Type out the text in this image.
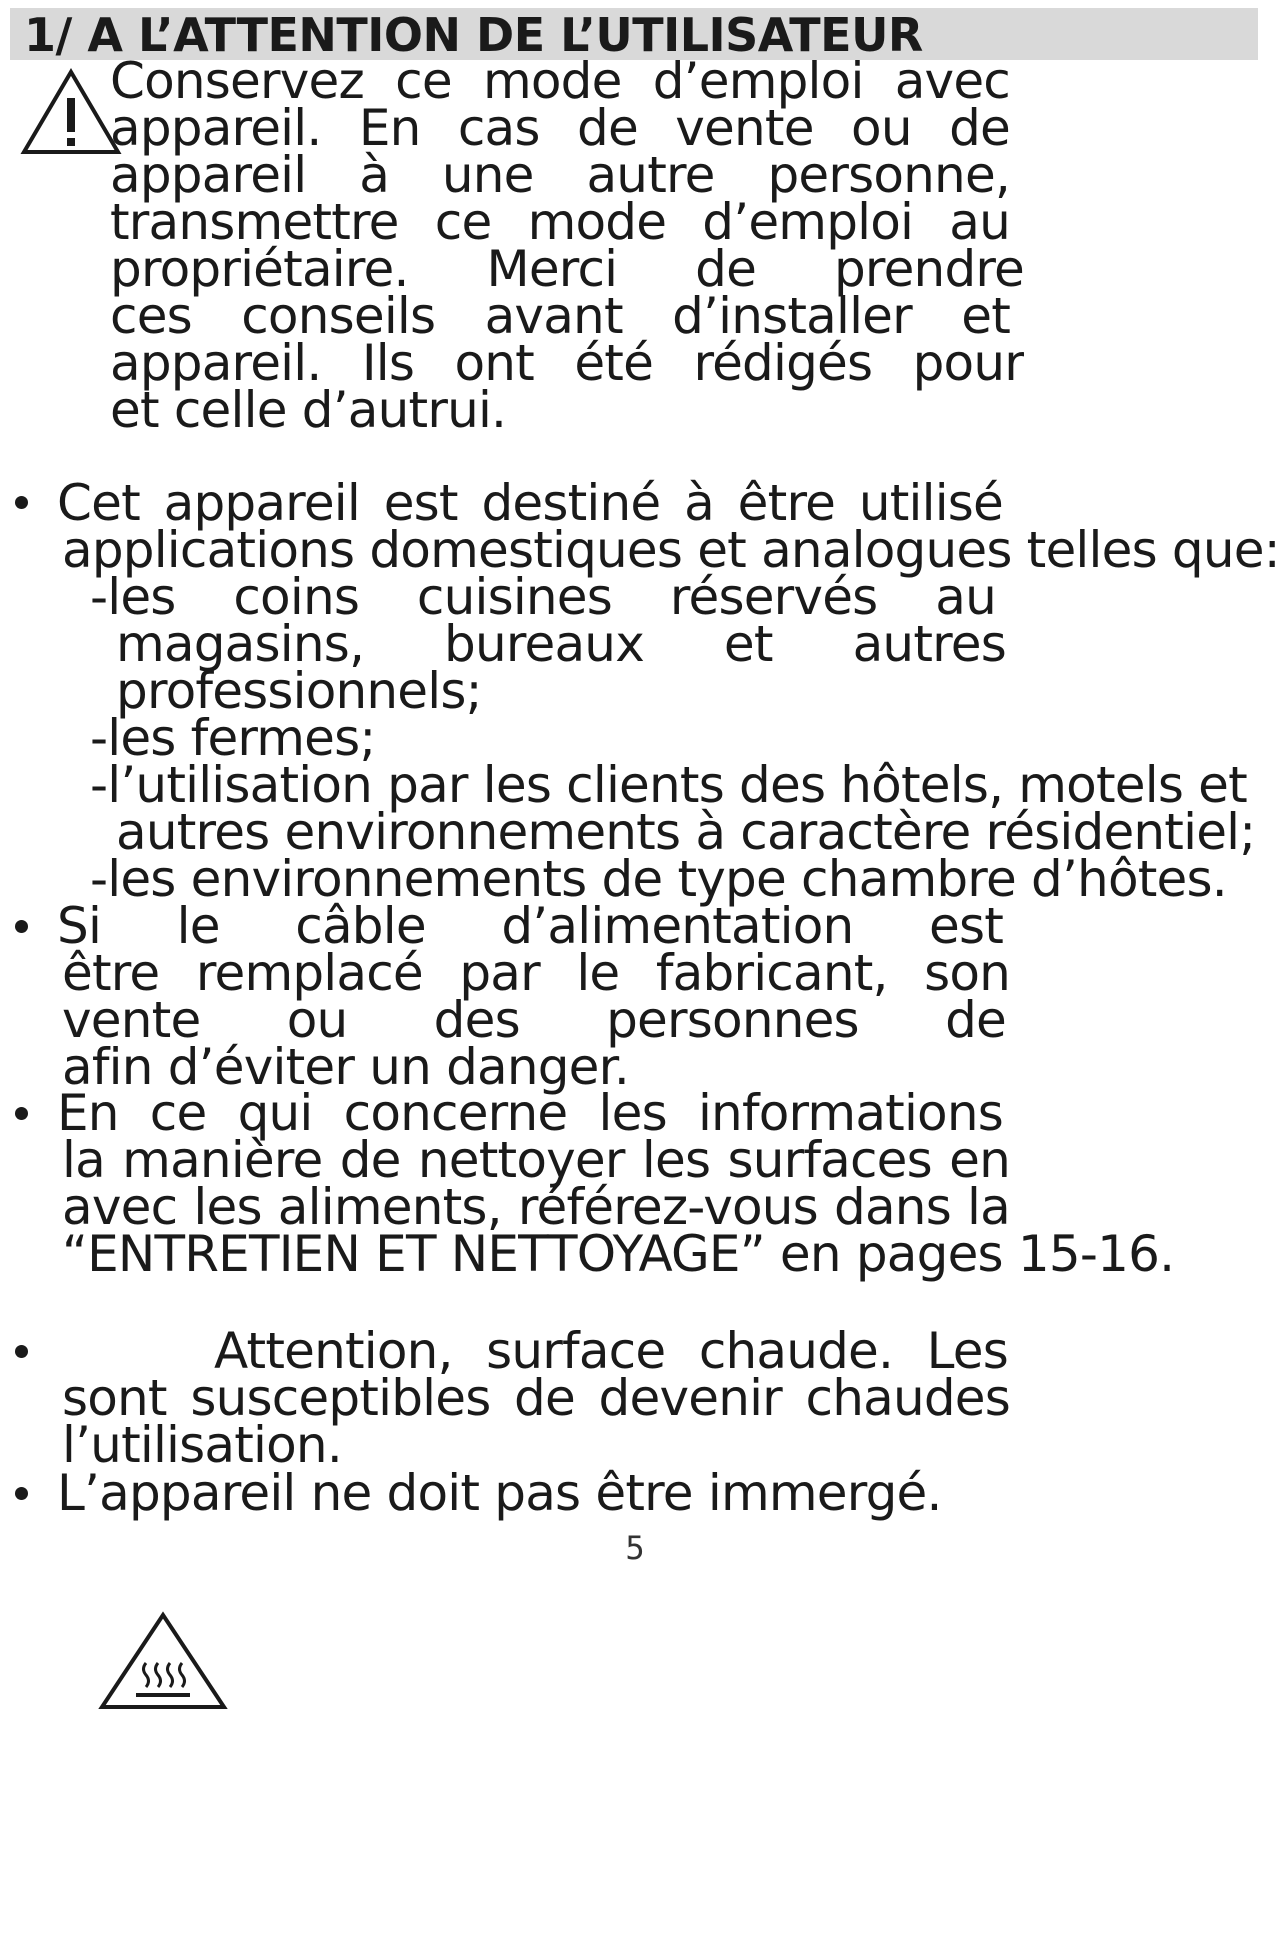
1/ A L’ATTENTION DE L’UTILISATEUR
Conservez ce mode d’emploi avec
appareil. En cas de vente ou de
appareil à une autre personne,
transmettre ce mode d’emploi au
propriétaire. Merci de prendre
ces conseils avant d’installer et
appareil. Ils ont été rédigés pour
et celle d’autrui.
Cet appareil est destiné à être utilisé
applications domestiques et analogues telles que:
-les coins cuisines réservés au
magasins, bureaux et autres
professionnels;
-les fermes;
-l’utilisation par les clients des hôtels, motels et
autres environnements à caractère résidentiel;
-les environnements de type chambre d’hôtes.
Si le câble d’alimentation est
être remplacé par le fabricant, son
vente ou des personnes de
afin d’éviter un danger.
En ce qui concerne les informations
la manière de nettoyer les surfaces en
avec les aliments, référez-vous dans la
“ENTRETIEN ET NETTOYAGE” en pages 15-16.
Attention, surface chaude. Les
sont susceptibles de devenir chaudes
l’utilisation.
L’appareil ne doit pas être immergé.
5
